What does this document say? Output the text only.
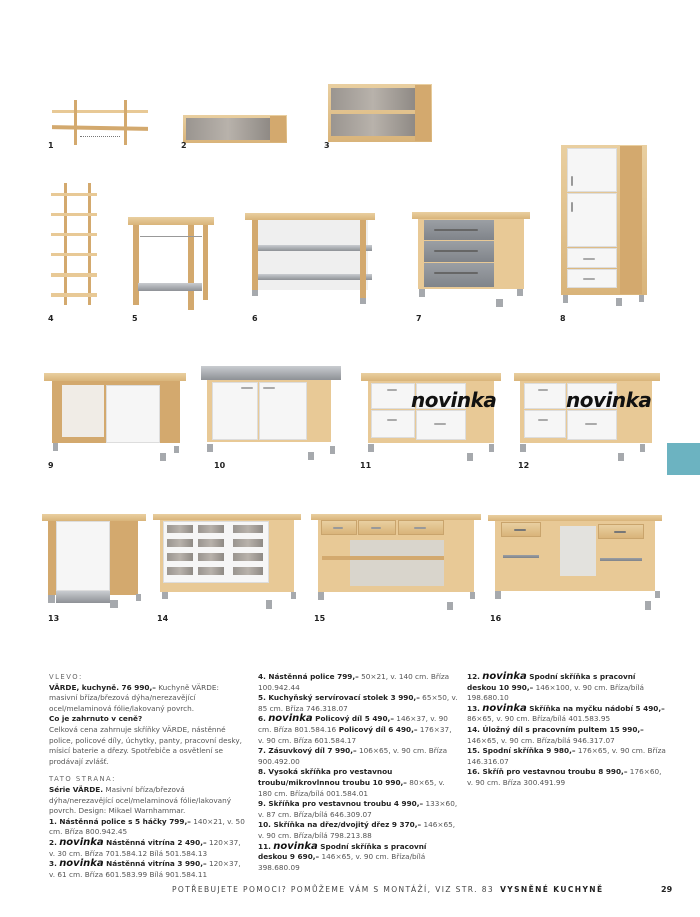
1	2	3
4	5	6	7	8
9	10
novinka
11
novinka
12
13	14	15	16

VLEVO:

VÄRDE, kuchyně. 76 990,– Kuchyně VÄRDE: masivní bříza/březová dýha/nerezavějící ocel/melaminová fólie/lakovaný povrch.

Co je zahrnuto v ceně?

Celková cena zahrnuje skříňky VÄRDE, nástěnné police, policové díly, úchytky, panty, pracovní desky, mísicí baterie a dřezy. Spotřebiče a osvětlení se prodávají zvlášť.

TATO STRANA:

Série VÄRDE. Masivní bříza/březová dýha/nerezavějící ocel/melaminová fólie/lakovaný povrch. Design: Mikael Warnhammar.

1. Nástěnná police s 5 háčky 799,– 140×21, v. 50 cm. Bříza 800.942.45

2. novinka Nástěnná vitrína 2 490,– 120×37, v. 30 cm. Bříza 701.584.12 Bílá 501.584.13

3. novinka Nástěnná vitrína 3 990,– 120×37, v. 61 cm. Bříza 601.583.99 Bílá 901.584.11

4. Nástěnná police 799,– 50×21, v. 140 cm. Bříza 100.942.44

5. Kuchyňský servírovací stolek 3 990,– 65×50, v. 85 cm. Bříza 746.318.07

6. novinka Policový díl 5 490,– 146×37, v. 90 cm. Bříza 801.584.16 Policový díl 6 490,– 176×37, v. 90 cm. Bříza 601.584.17

7. Zásuvkový díl 7 990,– 106×65, v. 90 cm. Bříza 900.492.00

8. Vysoká skříňka pro vestavnou troubu/mikrovlnnou troubu 10 990,– 80×65, v. 180 cm. Bříza/bílá 001.584.01

9. Skříňka pro vestavnou troubu 4 990,– 133×60, v. 87 cm. Bříza/bílá 646.309.07

10. Skříňka na dřez/dvojitý dřez 9 370,– 146×65, v. 90 cm. Bříza/bílá 798.213.88

11. novinka Spodní skříňka s pracovní deskou 9 690,– 146×65, v. 90 cm. Bříza/bílá 398.680.09

12. novinka Spodní skříňka s pracovní deskou 10 990,– 146×100, v. 90 cm. Bříza/bílá 198.680.10

13. novinka Skříňka na myčku nádobí 5 490,– 86×65, v. 90 cm. Bříza/bílá 401.583.95

14. Úložný díl s pracovním pultem 15 990,– 146×65, v. 90 cm. Bříza/bílá 946.317.07

15. Spodní skříňka 9 980,– 176×65, v. 90 cm. Bříza 146.316.07

16. Skříň pro vestavnou troubu 8 990,– 176×60, v. 90 cm. Bříza 300.491.99

POTŘEBUJETE POMOCI? POMŮŽEME VÁM S MONTÁŽÍ, VIZ STR. 83 VYSNĚNÉ KUCHYNĚ	29
